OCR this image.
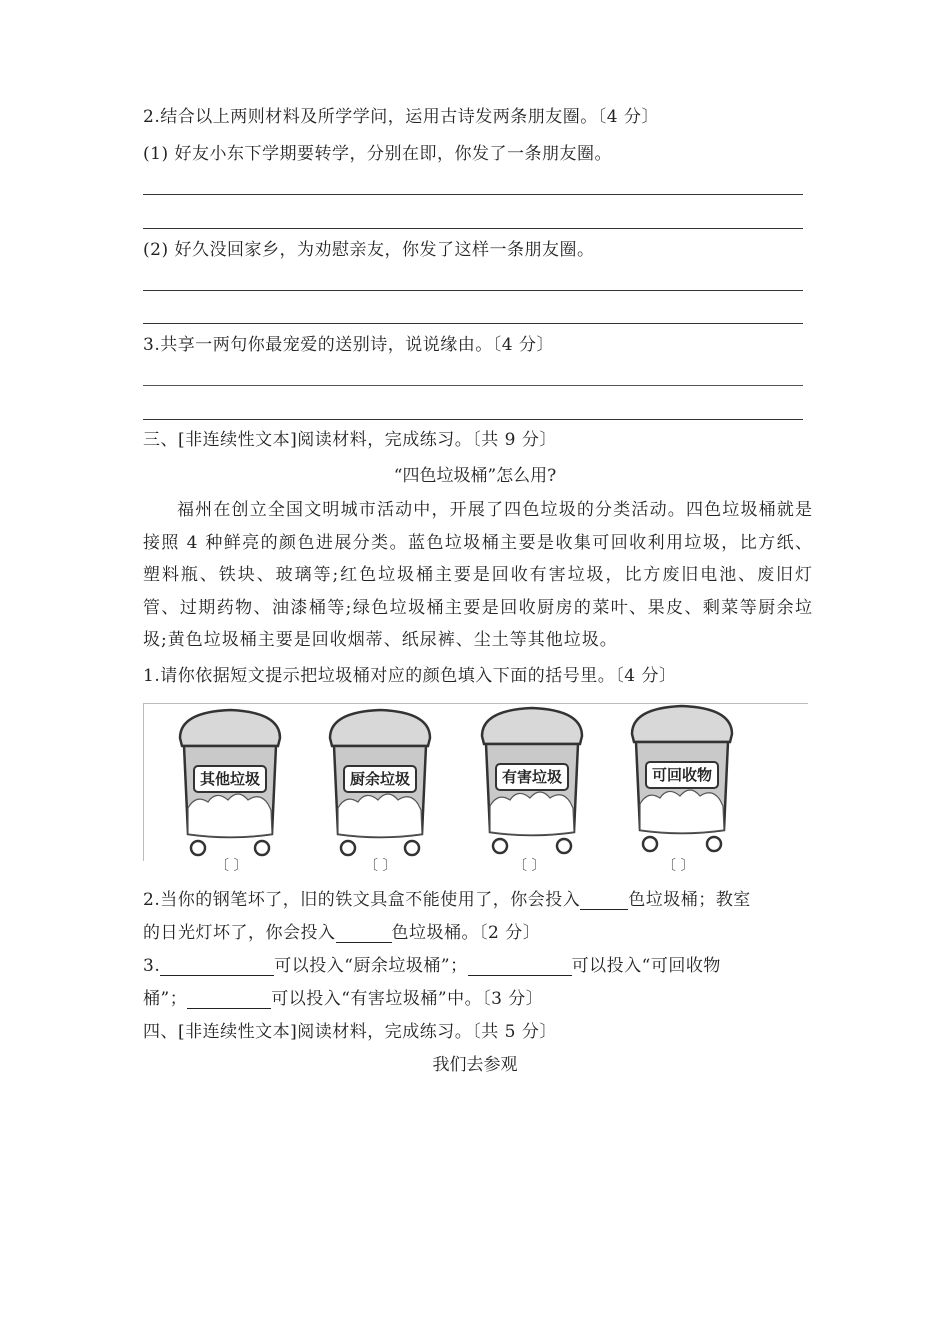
2.结合以上两则材料及所学学问，运用古诗发两条朋友圈。〔4 分〕
(1) 好友小东下学期要转学，分别在即，你发了一条朋友圈。
(2) 好久没回家乡，为劝慰亲友，你发了这样一条朋友圈。
3.共享一两句你最宠爱的送别诗，说说缘由。〔4 分〕
三、[非连续性文本]阅读材料，完成练习。〔共 9 分〕
“四色垃圾桶”怎么用?
福州在创立全国文明城市活动中，开展了四色垃圾的分类活动。四色垃圾桶就是接照 4 种鲜亮的颜色进展分类。蓝色垃圾桶主要是收集可回收利用垃圾，比方纸、塑料瓶、铁块、玻璃等;红色垃圾桶主要是回收有害垃圾，比方废旧电池、废旧灯管、过期药物、油漆桶等;绿色垃圾桶主要是回收厨房的菜叶、果皮、剩菜等厨余垃圾;黄色垃圾桶主要是回收烟蒂、纸尿裤、尘土等其他垃圾。
1.请你依据短文提示把垃圾桶对应的颜色填入下面的括号里。〔4 分〕
其他垃圾	厨余垃圾	有害垃圾	可回收物
〔 〕	〔 〕	〔 〕	〔 〕
2.当你的钢笔坏了，旧的铁文具盒不能使用了，你会投入	色垃圾桶；教室
的日光灯坏了，你会投入	色垃圾桶。〔2 分〕
3.	可以投入“厨余垃圾桶”；	可以投入“可回收物
桶”；	可以投入“有害垃圾桶”中。〔3 分〕
四、[非连续性文本]阅读材料，完成练习。〔共 5 分〕
我们去参观
